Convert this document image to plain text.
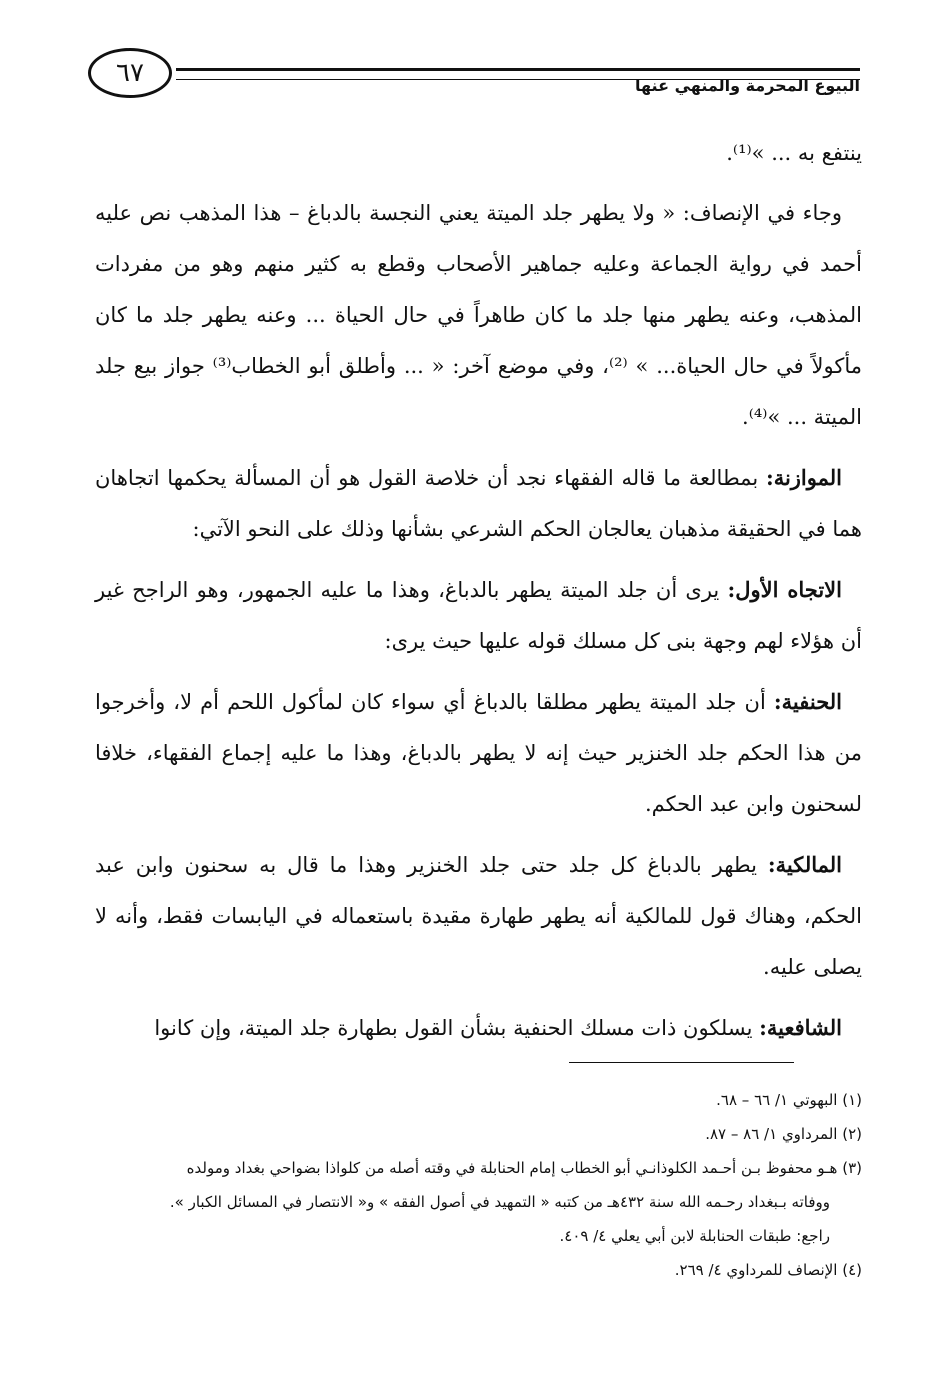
٦٧	البيوع المحرمة والمنهي عنها

ينتفع به ... »⁽¹⁾.

وجاء في الإنصاف: « ولا يطهر جلد الميتة يعني النجسة بالدباغ – هذا المذهب نص عليه أحمد في رواية الجماعة وعليه جماهير الأصحاب وقطع به كثير منهم وهو من مفردات المذهب، وعنه يطهر منها جلد ما كان طاهراً في حال الحياة ... وعنه يطهر جلد ما كان مأكولاً في حال الحياة... » ⁽²⁾، وفي موضع آخر: « ... وأطلق أبو الخطاب⁽³⁾ جواز بيع جلد الميتة ... »⁽⁴⁾.

الموازنة: بمطالعة ما قاله الفقهاء نجد أن خلاصة القول هو أن المسألة يحكمها اتجاهان هما في الحقيقة مذهبان يعالجان الحكم الشرعي بشأنها وذلك على النحو الآتي:

الاتجاه الأول: يرى أن جلد الميتة يطهر بالدباغ، وهذا ما عليه الجمهور، وهو الراجح غير أن هؤلاء لهم وجهة بنى كل مسلك قوله عليها حيث يرى:

الحنفية: أن جلد الميتة يطهر مطلقا بالدباغ أي سواء كان لمأكول اللحم أم لا، وأخرجوا من هذا الحكم جلد الخنزير حيث إنه لا يطهر بالدباغ، وهذا ما عليه إجماع الفقهاء، خلافا لسحنون وابن عبد الحكم.

المالكية: يطهر بالدباغ كل جلد حتى جلد الخنزير وهذا ما قال به سحنون وابن عبد الحكم، وهناك قول للمالكية أنه يطهر طهارة مقيدة باستعماله في اليابسات فقط، وأنه لا يصلى عليه.

الشافعية: يسلكون ذات مسلك الحنفية بشأن القول بطهارة جلد الميتة، وإن كانوا

(١) البهوتي ١/ ٦٦ – ٦٨.

(٢) المرداوي ١/ ٨٦ – ٨٧.

(٣) هـو محفوظ بـن أحـمد الكلوذانـي أبو الخطاب إمام الحنابلة في وقته أصله من كلواذا بضواحي بغداد ومولده

ووفاته بـبغداد رحـمه الله سنة ٤٣٢هـ من كتبه « التمهيد في أصول الفقه » و« الانتصار في المسائل الكبار ».

راجع: طبقات الحنابلة لابن أبي يعلي ٤/ ٤٠٩.

(٤) الإنصاف للمرداوي ٤/ ٢٦٩.
